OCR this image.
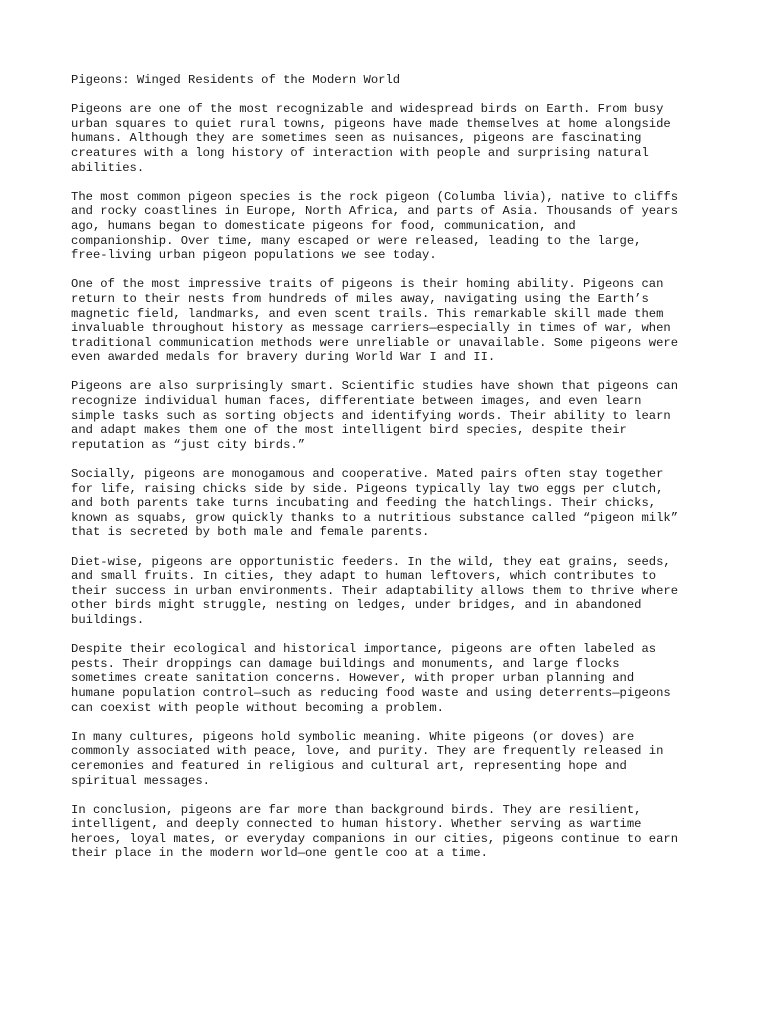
Pigeons: Winged Residents of the Modern World
Pigeons are one of the most recognizable and widespread birds on Earth. From busy
urban squares to quiet rural towns, pigeons have made themselves at home alongside
humans. Although they are sometimes seen as nuisances, pigeons are fascinating
creatures with a long history of interaction with people and surprising natural
abilities.
The most common pigeon species is the rock pigeon (Columba livia), native to cliffs
and rocky coastlines in Europe, North Africa, and parts of Asia. Thousands of years
ago, humans began to domesticate pigeons for food, communication, and
companionship. Over time, many escaped or were released, leading to the large,
free-living urban pigeon populations we see today.
One of the most impressive traits of pigeons is their homing ability. Pigeons can
return to their nests from hundreds of miles away, navigating using the Earth’s
magnetic field, landmarks, and even scent trails. This remarkable skill made them
invaluable throughout history as message carriers—especially in times of war, when
traditional communication methods were unreliable or unavailable. Some pigeons were
even awarded medals for bravery during World War I and II.
Pigeons are also surprisingly smart. Scientific studies have shown that pigeons can
recognize individual human faces, differentiate between images, and even learn
simple tasks such as sorting objects and identifying words. Their ability to learn
and adapt makes them one of the most intelligent bird species, despite their
reputation as “just city birds.”
Socially, pigeons are monogamous and cooperative. Mated pairs often stay together
for life, raising chicks side by side. Pigeons typically lay two eggs per clutch,
and both parents take turns incubating and feeding the hatchlings. Their chicks,
known as squabs, grow quickly thanks to a nutritious substance called “pigeon milk”
that is secreted by both male and female parents.
Diet-wise, pigeons are opportunistic feeders. In the wild, they eat grains, seeds,
and small fruits. In cities, they adapt to human leftovers, which contributes to
their success in urban environments. Their adaptability allows them to thrive where
other birds might struggle, nesting on ledges, under bridges, and in abandoned
buildings.
Despite their ecological and historical importance, pigeons are often labeled as
pests. Their droppings can damage buildings and monuments, and large flocks
sometimes create sanitation concerns. However, with proper urban planning and
humane population control—such as reducing food waste and using deterrents—pigeons
can coexist with people without becoming a problem.
In many cultures, pigeons hold symbolic meaning. White pigeons (or doves) are
commonly associated with peace, love, and purity. They are frequently released in
ceremonies and featured in religious and cultural art, representing hope and
spiritual messages.
In conclusion, pigeons are far more than background birds. They are resilient,
intelligent, and deeply connected to human history. Whether serving as wartime
heroes, loyal mates, or everyday companions in our cities, pigeons continue to earn
their place in the modern world—one gentle coo at a time.
